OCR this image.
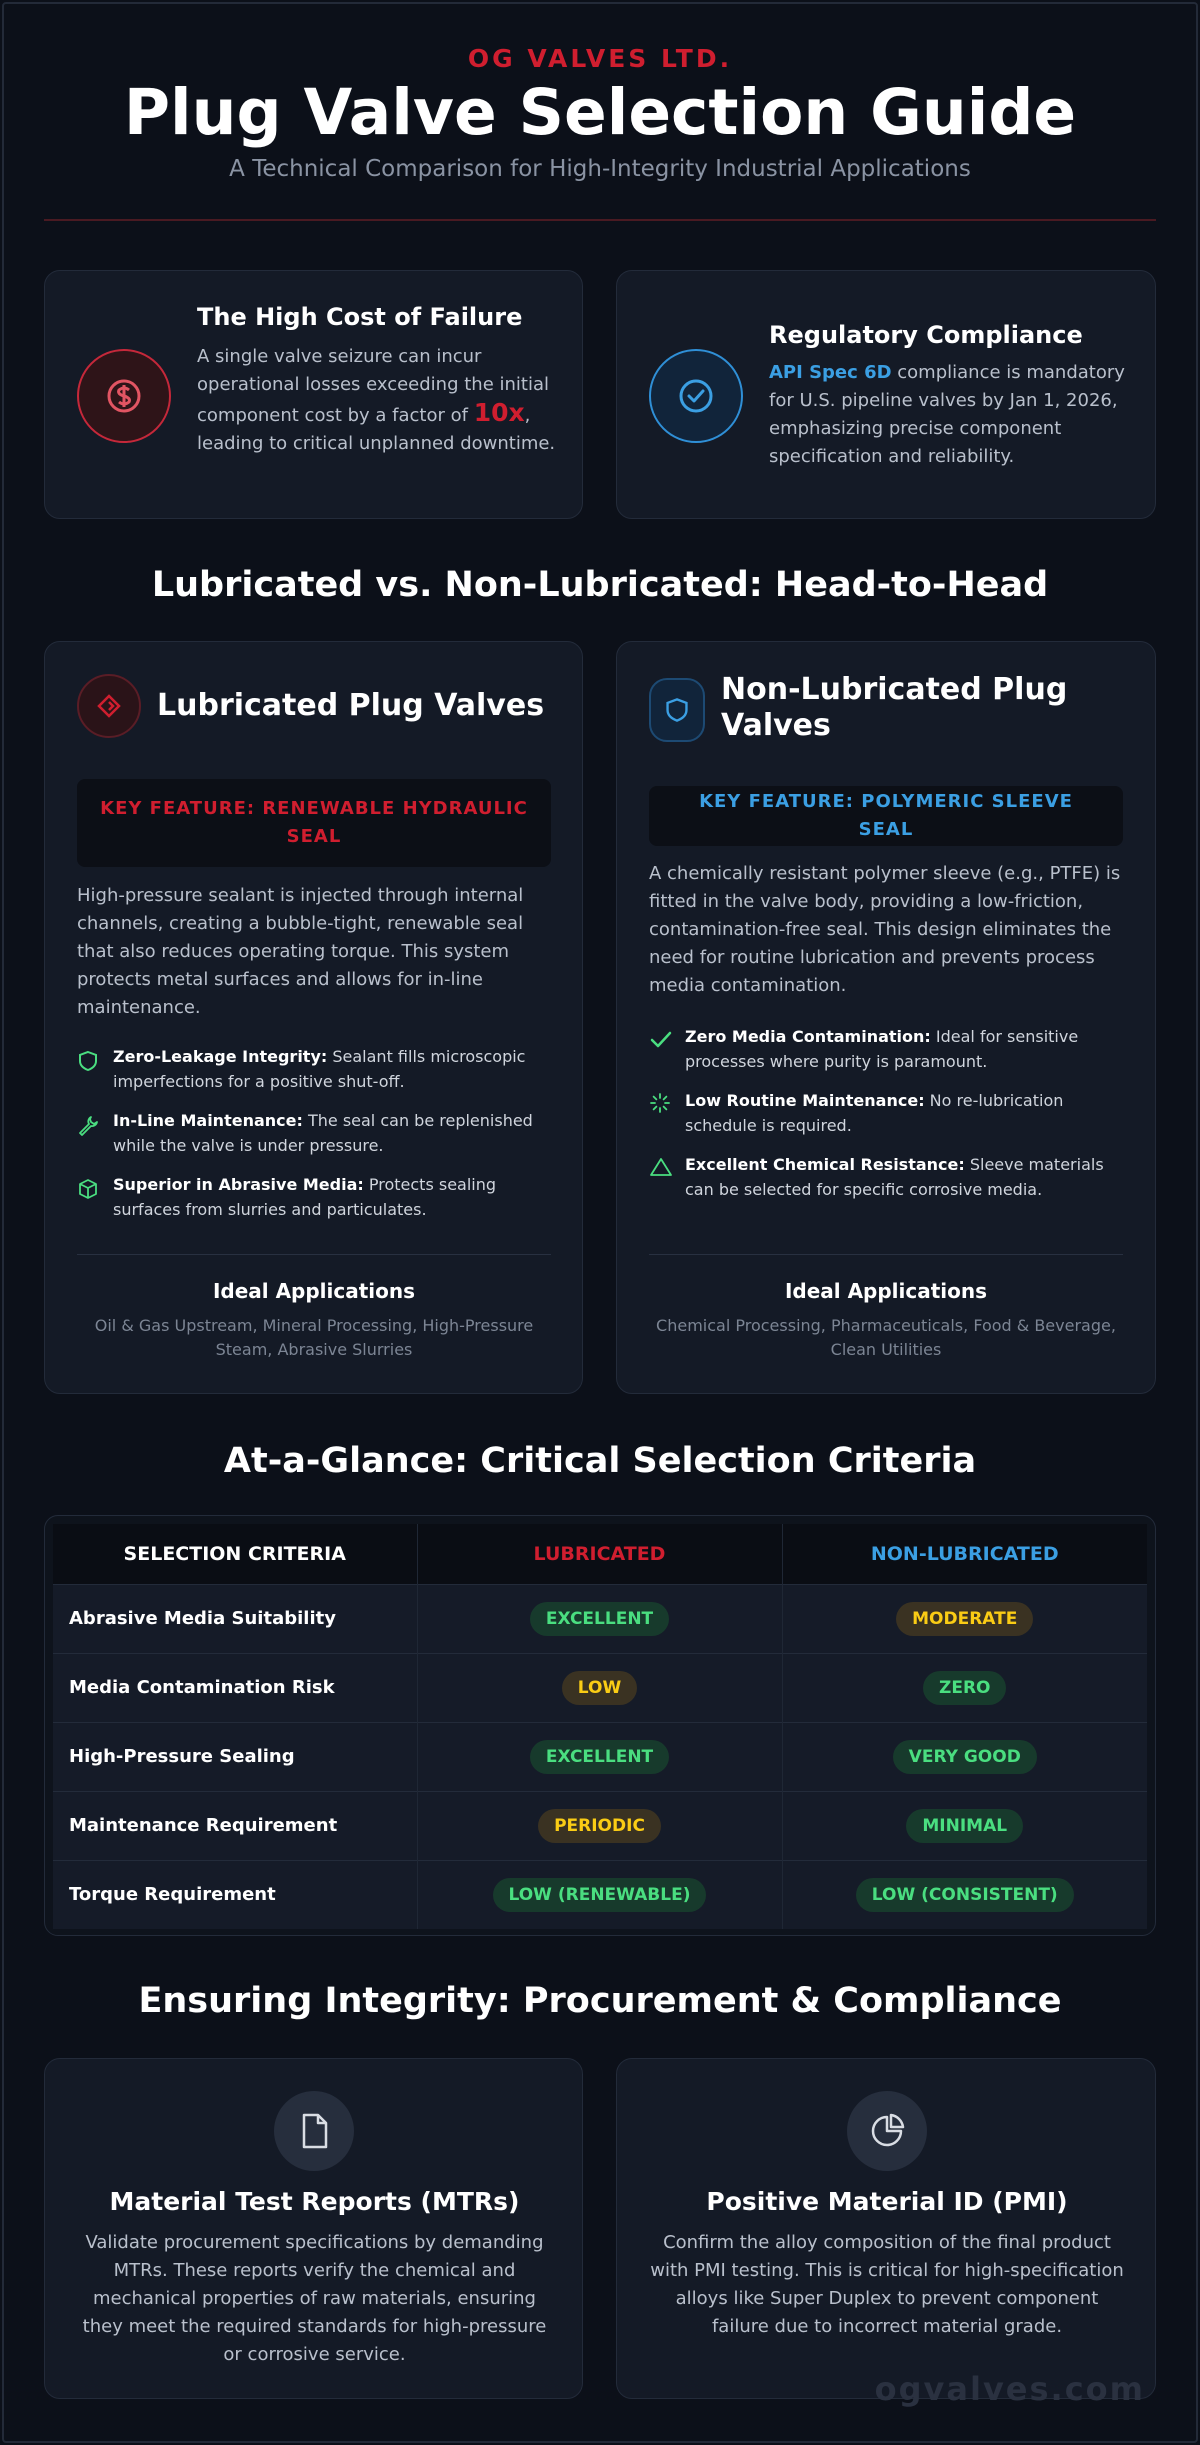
OG VALVES LTD.
Plug Valve Selection Guide
A Technical Comparison for High-Integrity Industrial Applications
The High Cost of Failure
A single valve seizure can incur operational losses exceeding the initial component cost by a factor of 10x, leading to critical unplanned downtime.
Regulatory Compliance
API Spec 6D compliance is mandatory for U.S. pipeline valves by Jan 1, 2026, emphasizing precise component specification and reliability.
Lubricated vs. Non-Lubricated: Head-to-Head
Lubricated Plug Valves
KEY FEATURE: RENEWABLE HYDRAULIC SEAL
High-pressure sealant is injected through internal channels, creating a bubble-tight, renewable seal that also reduces operating torque. This system protects metal surfaces and allows for in-line maintenance.
Zero-Leakage Integrity: Sealant fills microscopic imperfections for a positive shut-off.
In-Line Maintenance: The seal can be replenished while the valve is under pressure.
Superior in Abrasive Media: Protects sealing surfaces from slurries and particulates.
Ideal Applications
Oil & Gas Upstream, Mineral Processing, High-Pressure Steam, Abrasive Slurries
Non-Lubricated Plug Valves
KEY FEATURE: POLYMERIC SLEEVE SEAL
A chemically resistant polymer sleeve (e.g., PTFE) is fitted in the valve body, providing a low-friction, contamination-free seal. This design eliminates the need for routine lubrication and prevents process media contamination.
Zero Media Contamination: Ideal for sensitive processes where purity is paramount.
Low Routine Maintenance: No re-lubrication schedule is required.
Excellent Chemical Resistance: Sleeve materials can be selected for specific corrosive media.
Ideal Applications
Chemical Processing, Pharmaceuticals, Food & Beverage, Clean Utilities
At-a-Glance: Critical Selection Criteria
SELECTION CRITERIA	LUBRICATED	NON-LUBRICATED
Abrasive Media Suitability	EXCELLENT	MODERATE
Media Contamination Risk	LOW	ZERO
High-Pressure Sealing	EXCELLENT	VERY GOOD
Maintenance Requirement	PERIODIC	MINIMAL
Torque Requirement	LOW (RENEWABLE)	LOW (CONSISTENT)
Ensuring Integrity: Procurement & Compliance
Material Test Reports (MTRs)
Validate procurement specifications by demanding MTRs. These reports verify the chemical and mechanical properties of raw materials, ensuring they meet the required standards for high-pressure or corrosive service.
Positive Material ID (PMI)
Confirm the alloy composition of the final product with PMI testing. This is critical for high-specification alloys like Super Duplex to prevent component failure due to incorrect material grade.
ogvalves.com
